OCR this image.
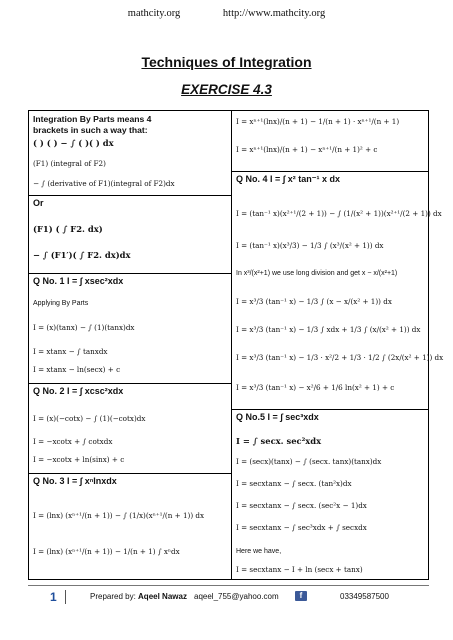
mathcity.org	http://www.mathcity.org
Techniques of Integration
EXERCISE 4.3
Integration By Parts means 4
brackets in such a way that:
( ) ( ) − ∫ ( )( ) dx
(F1) (integral of F2)
− ∫ (derivative of F1)(integral of F2)dx
Or
(F1) ( ∫ F2. dx)
− ∫ (F1′)( ∫ F2. dx)dx
Q No. 1 I = ∫ xsec²xdx
Applying By Parts
I = (x)(tanx) − ∫ (1)(tanx)dx
I = xtanx − ∫ tanxdx
I = xtanx − ln(secx) + c
Q No. 2 I = ∫ xcsc²xdx
I = (x)(−cotx) − ∫ (1)(−cotx)dx
I = −xcotx + ∫ cotxdx
I = −xcotx + ln(sinx) + c
Q No. 3 I = ∫ xⁿlnxdx
I = (lnx) (xⁿ⁺¹/(n + 1)) − ∫ (1/x)(xⁿ⁺¹/(n + 1)) dx
I = (lnx) (xⁿ⁺¹/(n + 1)) − 1/(n + 1) ∫ xⁿdx
I = xⁿ⁺¹(lnx)/(n + 1) − 1/(n + 1) · xⁿ⁺¹/(n + 1)
I = xⁿ⁺¹(lnx)/(n + 1) − xⁿ⁺¹/(n + 1)² + c
Q No. 4 I = ∫ x² tan⁻¹ x dx
I = (tan⁻¹ x)(x²⁺¹/(2 + 1)) − ∫ (1/(x² + 1))(x²⁺¹/(2 + 1)) dx
I = (tan⁻¹ x)(x³/3) − 1/3 ∫ (x³/(x² + 1)) dx
In x³/(x²+1) we use long division and get x − x/(x²+1)
I = x³/3 (tan⁻¹ x) − 1/3 ∫ (x − x/(x² + 1)) dx
I = x³/3 (tan⁻¹ x) − 1/3 ∫ xdx + 1/3 ∫ (x/(x² + 1)) dx
I = x³/3 (tan⁻¹ x) − 1/3 · x²/2 + 1/3 · 1/2 ∫ (2x/(x² + 1)) dx
I = x³/3 (tan⁻¹ x) − x²/6 + 1/6 ln(x² + 1) + c
Q No.5 I = ∫ sec³xdx
I = ∫ secx. sec²xdx
I = (secx)(tanx) − ∫ (secx. tanx)(tanx)dx
I = secxtanx − ∫ secx. (tan²x)dx
I = secxtanx − ∫ secx. (sec²x − 1)dx
I = secxtanx − ∫ sec³xdx + ∫ secxdx
Here we have,
I = secxtanx − I + ln (secx + tanx)
1	Prepared by: Aqeel Nawaz aqeel_755@yahoo.com	f	03349587500
